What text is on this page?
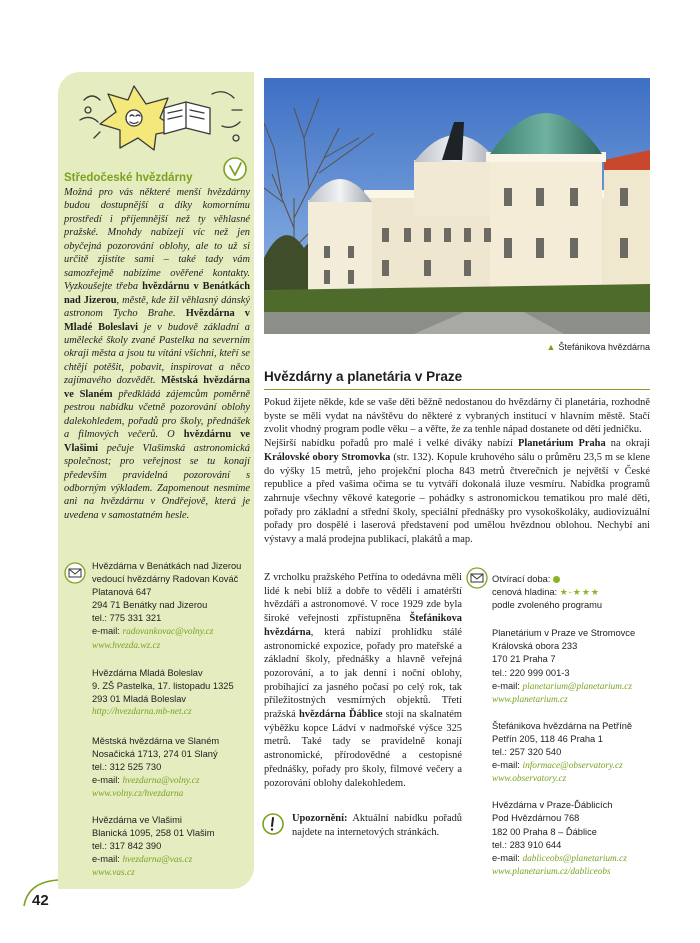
Středočeské hvězdárny

Možná pro vás některé menší hvězdárny budou dostupnější a díky komornímu prostředí i příjemnější než ty věhlasné pražské. Mnohdy nabízejí víc než jen obyčejná pozorování oblohy, ale to už si určitě zjistíte sami – také tady vám samozřejmě nabízíme ověřené kontakty. Vyzkoušejte třeba hvězdárnu v Benátkách nad Jizerou, městě, kde žil věhlasný dánský astronom Tycho Brahe. Hvězdárna v Mladé Boleslavi je v budově základní a umělecké školy zvané Pastelka na severním okraji města a jsou tu vítáni všichni, kteří se chtějí potěšit, pobavit, inspirovat a něco zajímavého dozvědět. Městská hvězdárna ve Slaném předkládá zájemcům poměrně pestrou nabídku včetně pozorování oblohy dalekohledem, pořadů pro školy, přednášek a filmových večerů. O hvězdárnu ve Vlašimi pečuje Vlašimská astronomická společnost; pro veřejnost se tu konají především pravidelná pozorování s odborným výkladem. Zapomenout nesmíme ani na hvězdárnu v Ondřejově, která je uvedena v samostatném hesle.

Hvězdárna v Benátkách nad Jizerou
vedoucí hvězdárny Radovan Kováč
Platanová 647
294 71 Benátky nad Jizerou
tel.: 775 331 321
e-mail: radovankovac@volny.cz
www.hvezda.wz.cz
Hvězdárna Mladá Boleslav
9. ZŠ Pastelka, 17. listopadu 1325
293 01 Mladá Boleslav
http://hvezdarna.mb-net.cz
Městská hvězdárna ve Slaném
Nosačická 1713, 274 01 Slaný
tel.: 312 525 730
e-mail: hvezdarna@volny.cz
www.volny.cz/hvezdarna
Hvězdárna ve Vlašimi
Blanická 1095, 258 01 Vlašim
tel.: 317 842 390
e-mail: hvezdarna@vas.cz
www.vas.cz
▲ Štefánikova hvězdárna
Hvězdárny a planetária v Praze

Pokud žijete někde, kde se vaše děti běžně nedostanou do hvězdárny či planetária, rozhodně byste se měli vydat na návštěvu do některé z vybraných institucí v hlavním městě. Stačí zvolit vhodný program podle věku – a věřte, že za tenhle nápad dostanete od dětí jedničku.

Nejširší nabídku pořadů pro malé i velké diváky nabízí Planetárium Praha na okraji Královské obory Stromovka (str. 132). Kopule kruhového sálu o průměru 23,5 m se klene do výšky 15 metrů, jeho projekční plocha 843 metrů čtverečních je největší v České republice a před vašima očima se tu vytváří dokonalá iluze vesmíru. Nabídka programů zahrnuje všechny věkové kategorie – pohádky s astronomickou tematikou pro malé děti, pořady pro základní a střední školy, speciální přednášky pro vysokoškoláky, audiovizuální pořady pro dospělé i laserová představení pod umělou hvězdnou oblohou. Nechybí ani výstavy a malá prodejna publikací, plakátů a map.

Z vrcholku pražského Petřína to odedávna měli lidé k nebi blíž a dobře to věděli i amatérští hvězdáři a astronomové. V roce 1929 zde byla široké veřejnosti zpřístupněna Štefánikova hvězdárna, která nabízí prohlídku stálé astronomické expozice, pořady pro mateřské a základní školy, přednášky a hlavně veřejná pozorování, a to jak denní i noční oblohy, probíhající za jasného počasí po celý rok, tak příležitostných vesmírných objektů. Třetí pražská hvězdárna Ďáblice stojí na skalnatém výběžku kopce Ládví v nadmořské výšce 325 metrů. Také tady se pravidelně konají astronomické, přírodovědné a cestopisné přednášky, pořady pro školy, filmové večery a pozorování oblohy dalekohledem.

Upozornění: Aktuální nabídku pořadů najdete na internetových stránkách.
Otvírací doba:
cenová hladina: ★-★★★
podle zvoleného programu
Planetárium v Praze ve Stromovce
Královská obora 233
170 21 Praha 7
tel.: 220 999 001-3
e-mail: planetarium@planetarium.cz
www.planetarium.cz
Štefánikova hvězdárna na Petříně
Petřín 205, 118 46 Praha 1
tel.: 257 320 540
e-mail: informace@observatory.cz
www.observatory.cz
Hvězdárna v Praze-Ďáblicích
Pod Hvězdárnou 768
182 00 Praha 8 – Ďáblice
tel.: 283 910 644
e-mail: dabliceobs@planetarium.cz
www.planetarium.cz/dabliceobs
42
